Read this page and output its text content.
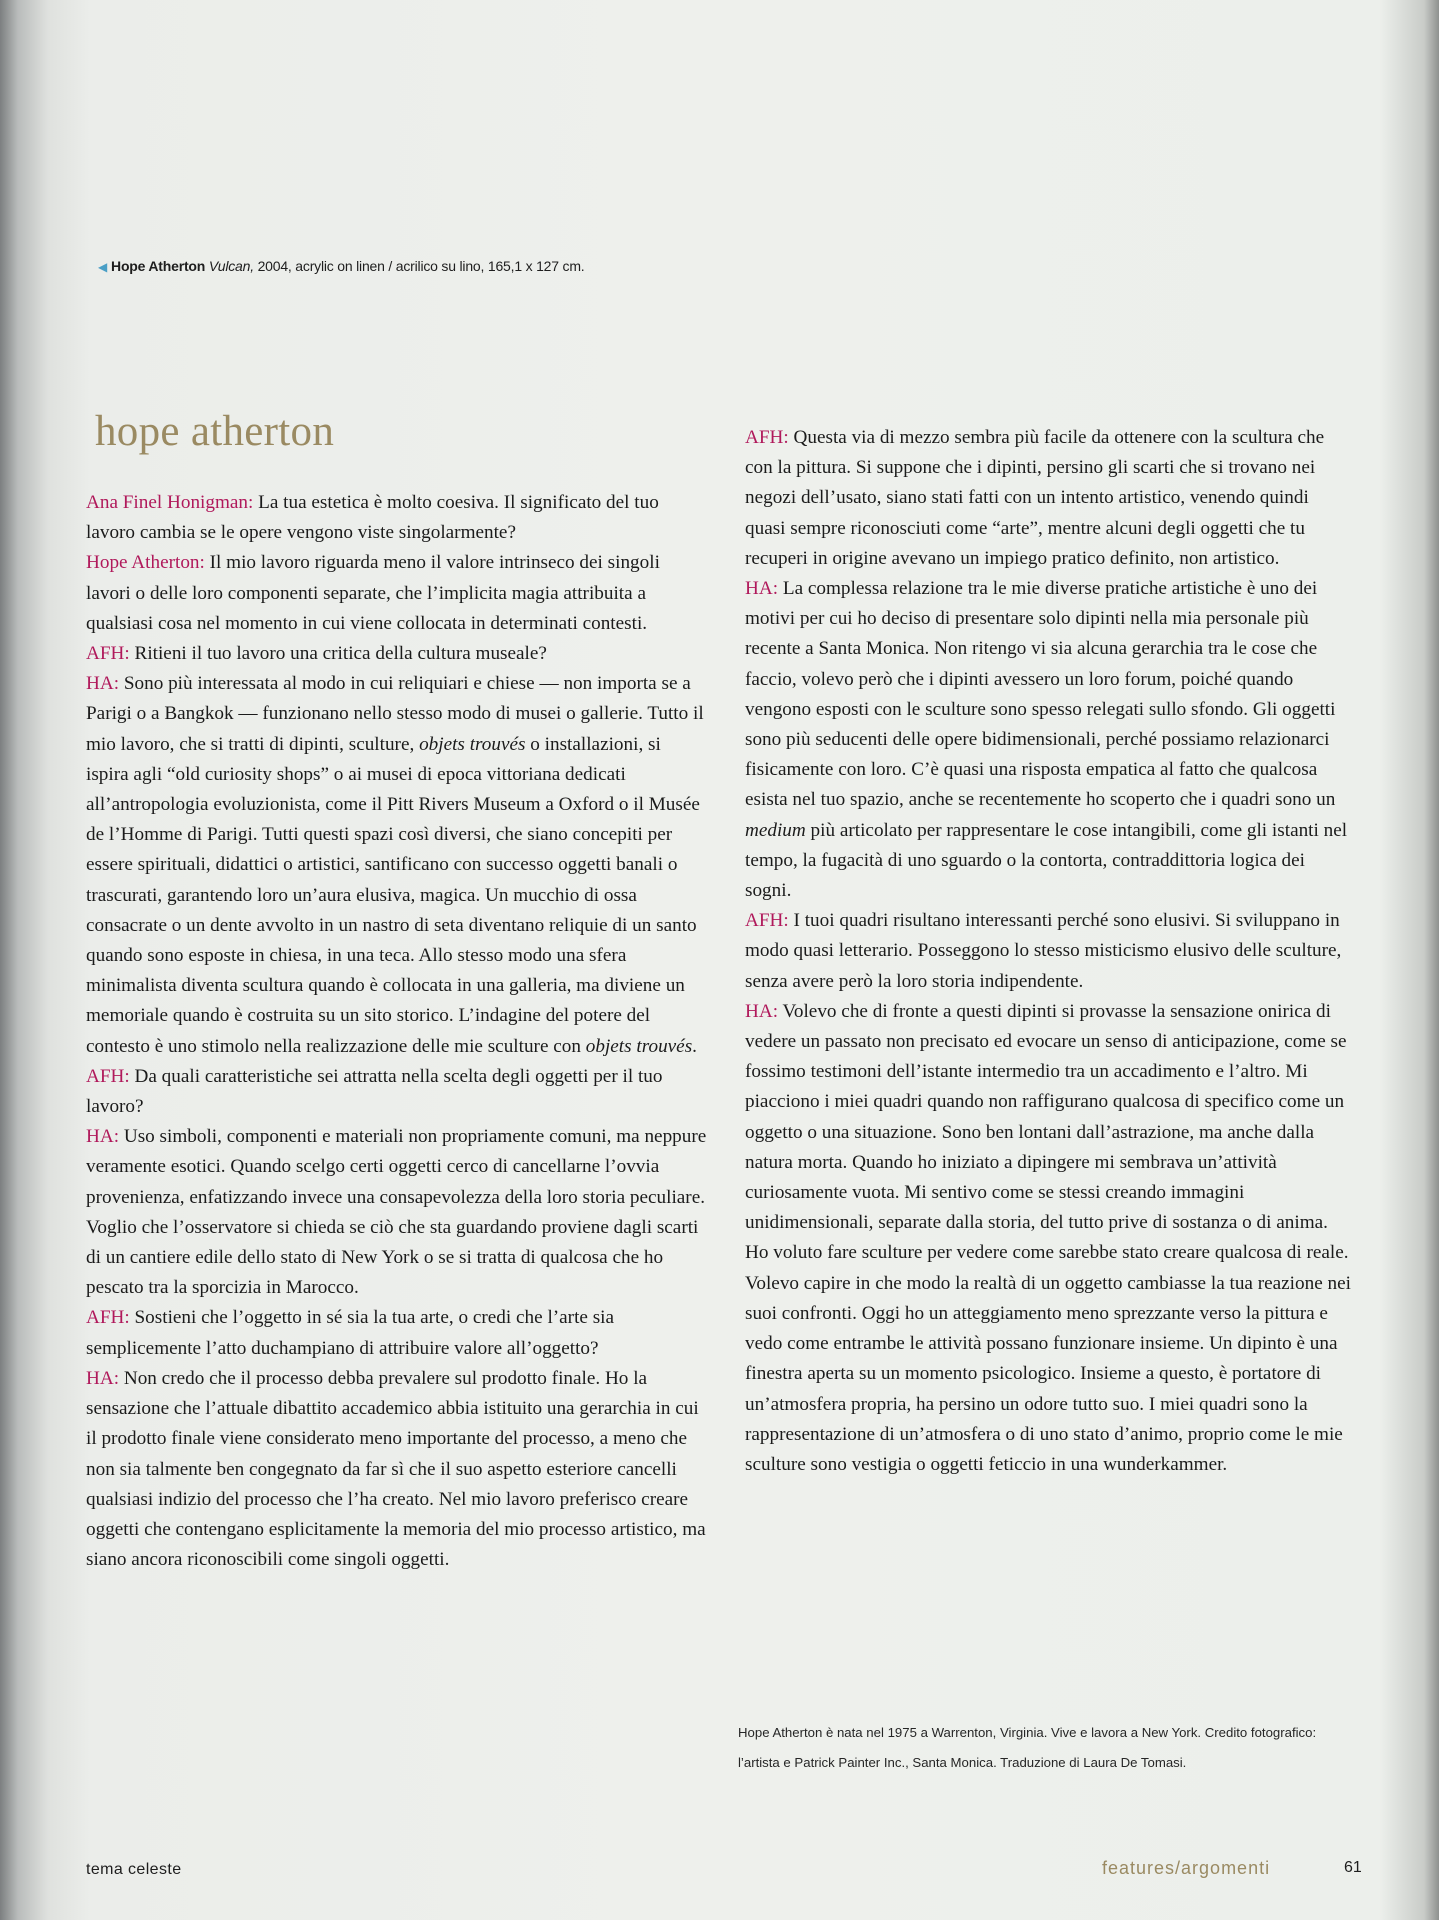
◀ Hope Atherton Vulcan, 2004, acrylic on linen / acrilico su lino, 165,1 x 127 cm.
hope atherton

Ana Finel Honigman: La tua estetica è molto coesiva. Il significato del tuo lavoro cambia se le opere vengono viste singolarmente?

Hope Atherton: Il mio lavoro riguarda meno il valore intrinseco dei singoli lavori o delle loro componenti separate, che l’implicita magia attribuita a qualsiasi cosa nel momento in cui viene collocata in determinati contesti.

AFH: Ritieni il tuo lavoro una critica della cultura museale?

HA: Sono più interessata al modo in cui reliquiari e chiese — non importa se a Parigi o a Bangkok — funzionano nello stesso modo di musei o gallerie. Tutto il mio lavoro, che si tratti di dipinti, sculture, objets trouvés o installazioni, si ispira agli “old curiosity shops” o ai musei di epoca vittoriana dedicati all’antropologia evoluzionista, come il Pitt Rivers Museum a Oxford o il Musée de l’Homme di Parigi. Tutti questi spazi così diversi, che siano concepiti per essere spirituali, didattici o artistici, santificano con successo oggetti banali o trascurati, garantendo loro un’aura elusiva, magica. Un mucchio di ossa consacrate o un dente avvolto in un nastro di seta diventano reliquie di un santo quando sono esposte in chiesa, in una teca. Allo stesso modo una sfera minimalista diventa scultura quando è collocata in una galleria, ma diviene un memoriale quando è costruita su un sito storico. L’indagine del potere del contesto è uno stimolo nella realizzazione delle mie sculture con objets trouvés.

AFH: Da quali caratteristiche sei attratta nella scelta degli oggetti per il tuo lavoro?

HA: Uso simboli, componenti e materiali non propriamente comuni, ma neppure veramente esotici. Quando scelgo certi oggetti cerco di cancellarne l’ovvia provenienza, enfatizzando invece una consapevolezza della loro storia peculiare. Voglio che l’osservatore si chieda se ciò che sta guardando proviene dagli scarti di un cantiere edile dello stato di New York o se si tratta di qualcosa che ho pescato tra la sporcizia in Marocco.

AFH: Sostieni che l’oggetto in sé sia la tua arte, o credi che l’arte sia semplicemente l’atto duchampiano di attribuire valore all’oggetto?

HA: Non credo che il processo debba prevalere sul prodotto finale. Ho la sensazione che l’attuale dibattito accademico abbia istituito una gerarchia in cui il prodotto finale viene considerato meno importante del processo, a meno che non sia talmente ben congegnato da far sì che il suo aspetto esteriore cancelli qualsiasi indizio del processo che l’ha creato. Nel mio lavoro preferisco creare oggetti che contengano esplicitamente la memoria del mio processo artistico, ma siano ancora riconoscibili come singoli oggetti.

AFH: Questa via di mezzo sembra più facile da ottenere con la scultura che con la pittura. Si suppone che i dipinti, persino gli scarti che si trovano nei negozi dell’usato, siano stati fatti con un intento artistico, venendo quindi quasi sempre riconosciuti come “arte”, mentre alcuni degli oggetti che tu recuperi in origine avevano un impiego pratico definito, non artistico.

HA: La complessa relazione tra le mie diverse pratiche artistiche è uno dei motivi per cui ho deciso di presentare solo dipinti nella mia personale più recente a Santa Monica. Non ritengo vi sia alcuna gerarchia tra le cose che faccio, volevo però che i dipinti avessero un loro forum, poiché quando vengono esposti con le sculture sono spesso relegati sullo sfondo. Gli oggetti sono più seducenti delle opere bidimensionali, perché possiamo relazionarci fisicamente con loro. C’è quasi una risposta empatica al fatto che qualcosa esista nel tuo spazio, anche se recentemente ho scoperto che i quadri sono un medium più articolato per rappresentare le cose intangibili, come gli istanti nel tempo, la fugacità di uno sguardo o la contorta, contraddittoria logica dei sogni.

AFH: I tuoi quadri risultano interessanti perché sono elusivi. Si sviluppano in modo quasi letterario. Posseggono lo stesso misticismo elusivo delle sculture, senza avere però la loro storia indipendente.

HA: Volevo che di fronte a questi dipinti si provasse la sensazione onirica di vedere un passato non precisato ed evocare un senso di anticipazione, come se fossimo testimoni dell’istante intermedio tra un accadimento e l’altro. Mi piacciono i miei quadri quando non raffigurano qualcosa di specifico come un oggetto o una situazione. Sono ben lontani dall’astrazione, ma anche dalla natura morta. Quando ho iniziato a dipingere mi sembrava un’attività curiosamente vuota. Mi sentivo come se stessi creando immagini unidimensionali, separate dalla storia, del tutto prive di sostanza o di anima. Ho voluto fare sculture per vedere come sarebbe stato creare qualcosa di reale. Volevo capire in che modo la realtà di un oggetto cambiasse la tua reazione nei suoi confronti. Oggi ho un atteggiamento meno sprezzante verso la pittura e vedo come entrambe le attività possano funzionare insieme. Un dipinto è una finestra aperta su un momento psicologico. Insieme a questo, è portatore di un’atmosfera propria, ha persino un odore tutto suo. I miei quadri sono la rappresentazione di un’atmosfera o di uno stato d’animo, proprio come le mie sculture sono vestigia o oggetti feticcio in una wunderkammer.

Hope Atherton è nata nel 1975 a Warrenton, Virginia. Vive e lavora a New York. Credito fotografico: l’artista e Patrick Painter Inc., Santa Monica. Traduzione di Laura De Tomasi.
tema celeste	features/argomenti	61
